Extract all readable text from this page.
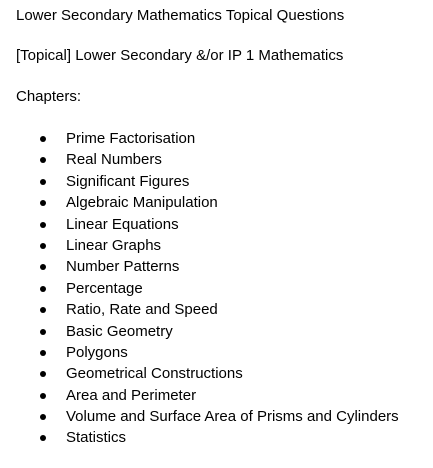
Lower Secondary Mathematics Topical Questions

[Topical] Lower Secondary &/or IP 1 Mathematics

Chapters:

Prime Factorisation
Real Numbers
Significant Figures
Algebraic Manipulation
Linear Equations
Linear Graphs
Number Patterns
Percentage
Ratio, Rate and Speed
Basic Geometry
Polygons
Geometrical Constructions
Area and Perimeter
Volume and Surface Area of Prisms and Cylinders
Statistics
